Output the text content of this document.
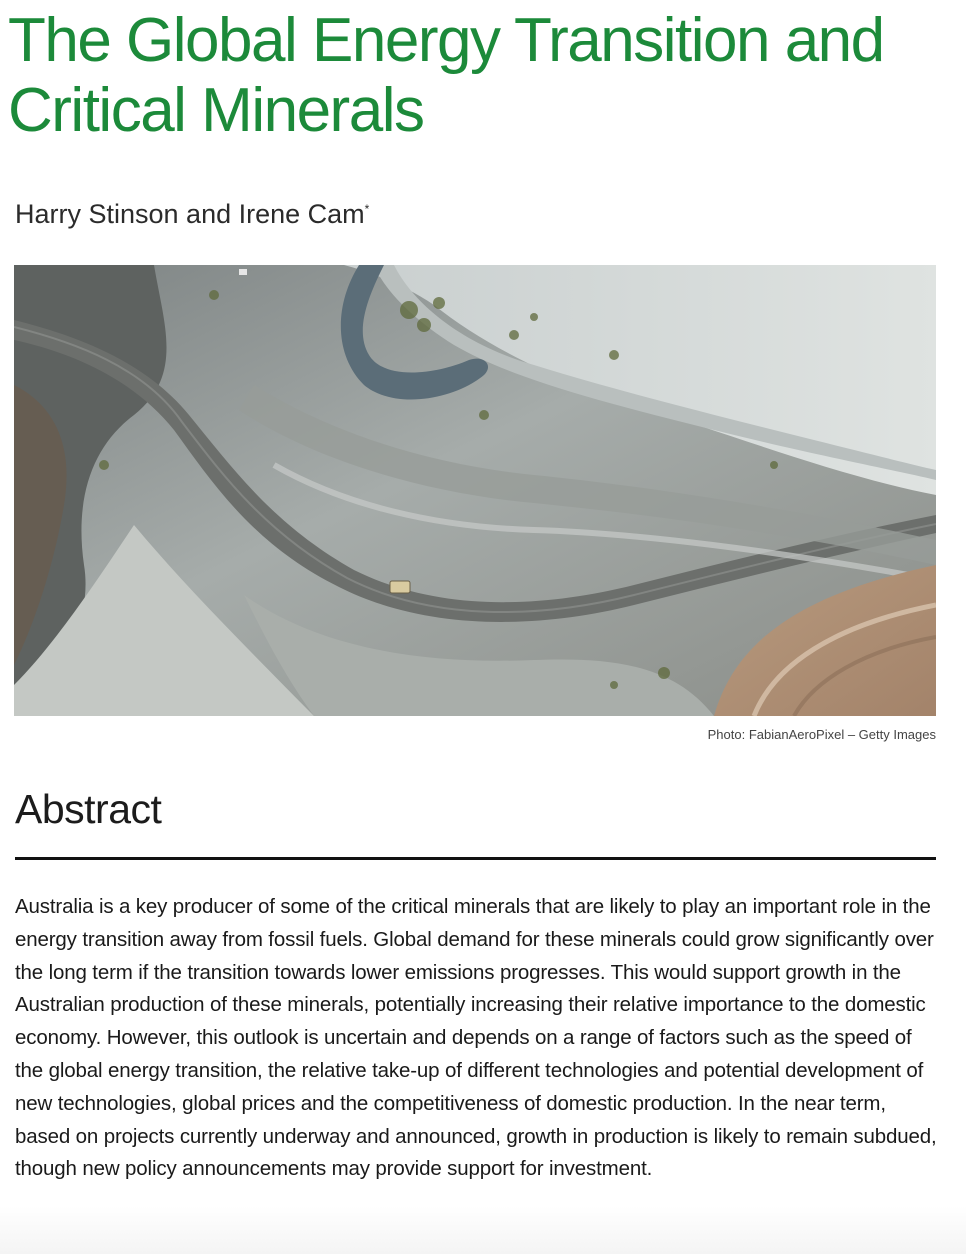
The Global Energy Transition and Critical Minerals
Harry Stinson and Irene Cam*
Photo: FabianAeroPixel – Getty Images
Abstract

Australia is a key producer of some of the critical minerals that are likely to play an important role in the energy transition away from fossil fuels. Global demand for these minerals could grow significantly over the long term if the transition towards lower emissions progresses. This would support growth in the Australian production of these minerals, potentially increasing their relative importance to the domestic economy. However, this outlook is uncertain and depends on a range of factors such as the speed of the global energy transition, the relative take-up of different technologies and potential development of new technologies, global prices and the competitiveness of domestic production. In the near term, based on projects currently underway and announced, growth in production is likely to remain subdued, though new policy announcements may provide support for investment.
